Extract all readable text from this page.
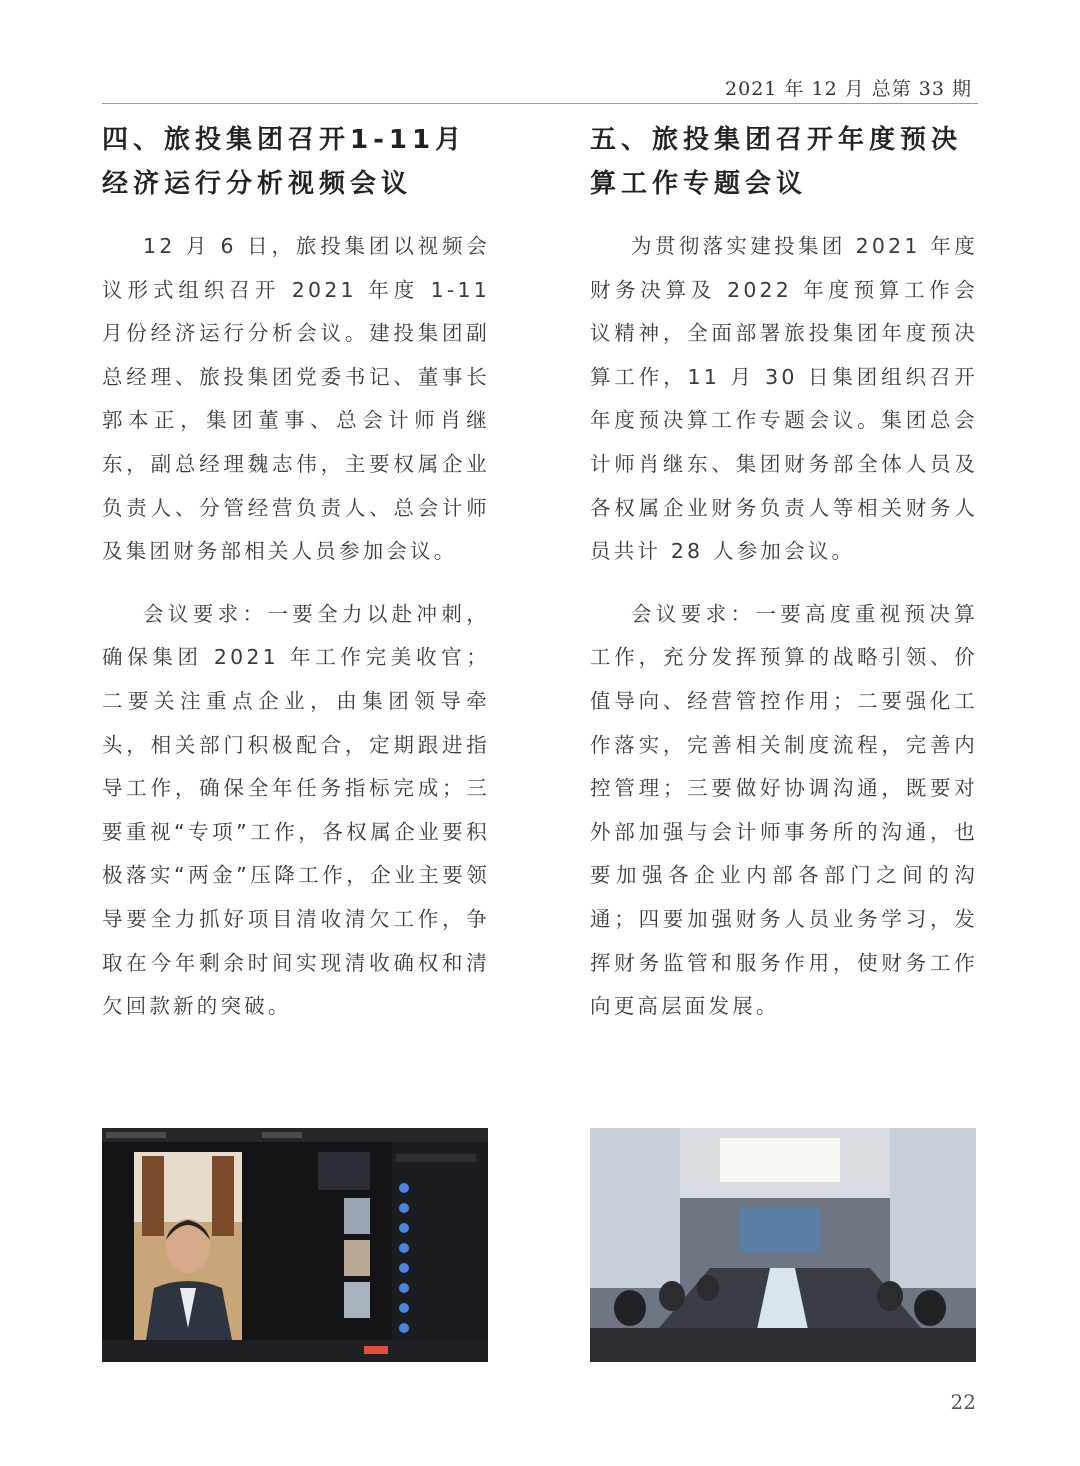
2021 年 12 月 总第 33 期
四、旅投集团召开1-11月经济运行分析视频会议

12 月 6 日，旅投集团以视频会议形式组织召开 2021 年度 1-11 月份经济运行分析会议。建投集团副总经理、旅投集团党委书记、董事长郭本正，集团董事、总会计师肖继东，副总经理魏志伟，主要权属企业负责人、分管经营负责人、总会计师及集团财务部相关人员参加会议。

会议要求：一要全力以赴冲刺，确保集团 2021 年工作完美收官；二要关注重点企业，由集团领导牵头，相关部门积极配合，定期跟进指导工作，确保全年任务指标完成；三要重视“专项”工作，各权属企业要积极落实“两金”压降工作，企业主要领导要全力抓好项目清收清欠工作，争取在今年剩余时间实现清收确权和清欠回款新的突破。

五、旅投集团召开年度预决算工作专题会议

为贯彻落实建投集团 2021 年度财务决算及 2022 年度预算工作会议精神，全面部署旅投集团年度预决算工作，11 月 30 日集团组织召开年度预决算工作专题会议。集团总会计师肖继东、集团财务部全体人员及各权属企业财务负责人等相关财务人员共计 28 人参加会议。

会议要求：一要高度重视预决算工作，充分发挥预算的战略引领、价值导向、经营管控作用；二要强化工作落实，完善相关制度流程，完善内控管理；三要做好协调沟通，既要对外部加强与会计师事务所的沟通，也要加强各企业内部各部门之间的沟通；四要加强财务人员业务学习，发挥财务监管和服务作用，使财务工作向更高层面发展。

22
